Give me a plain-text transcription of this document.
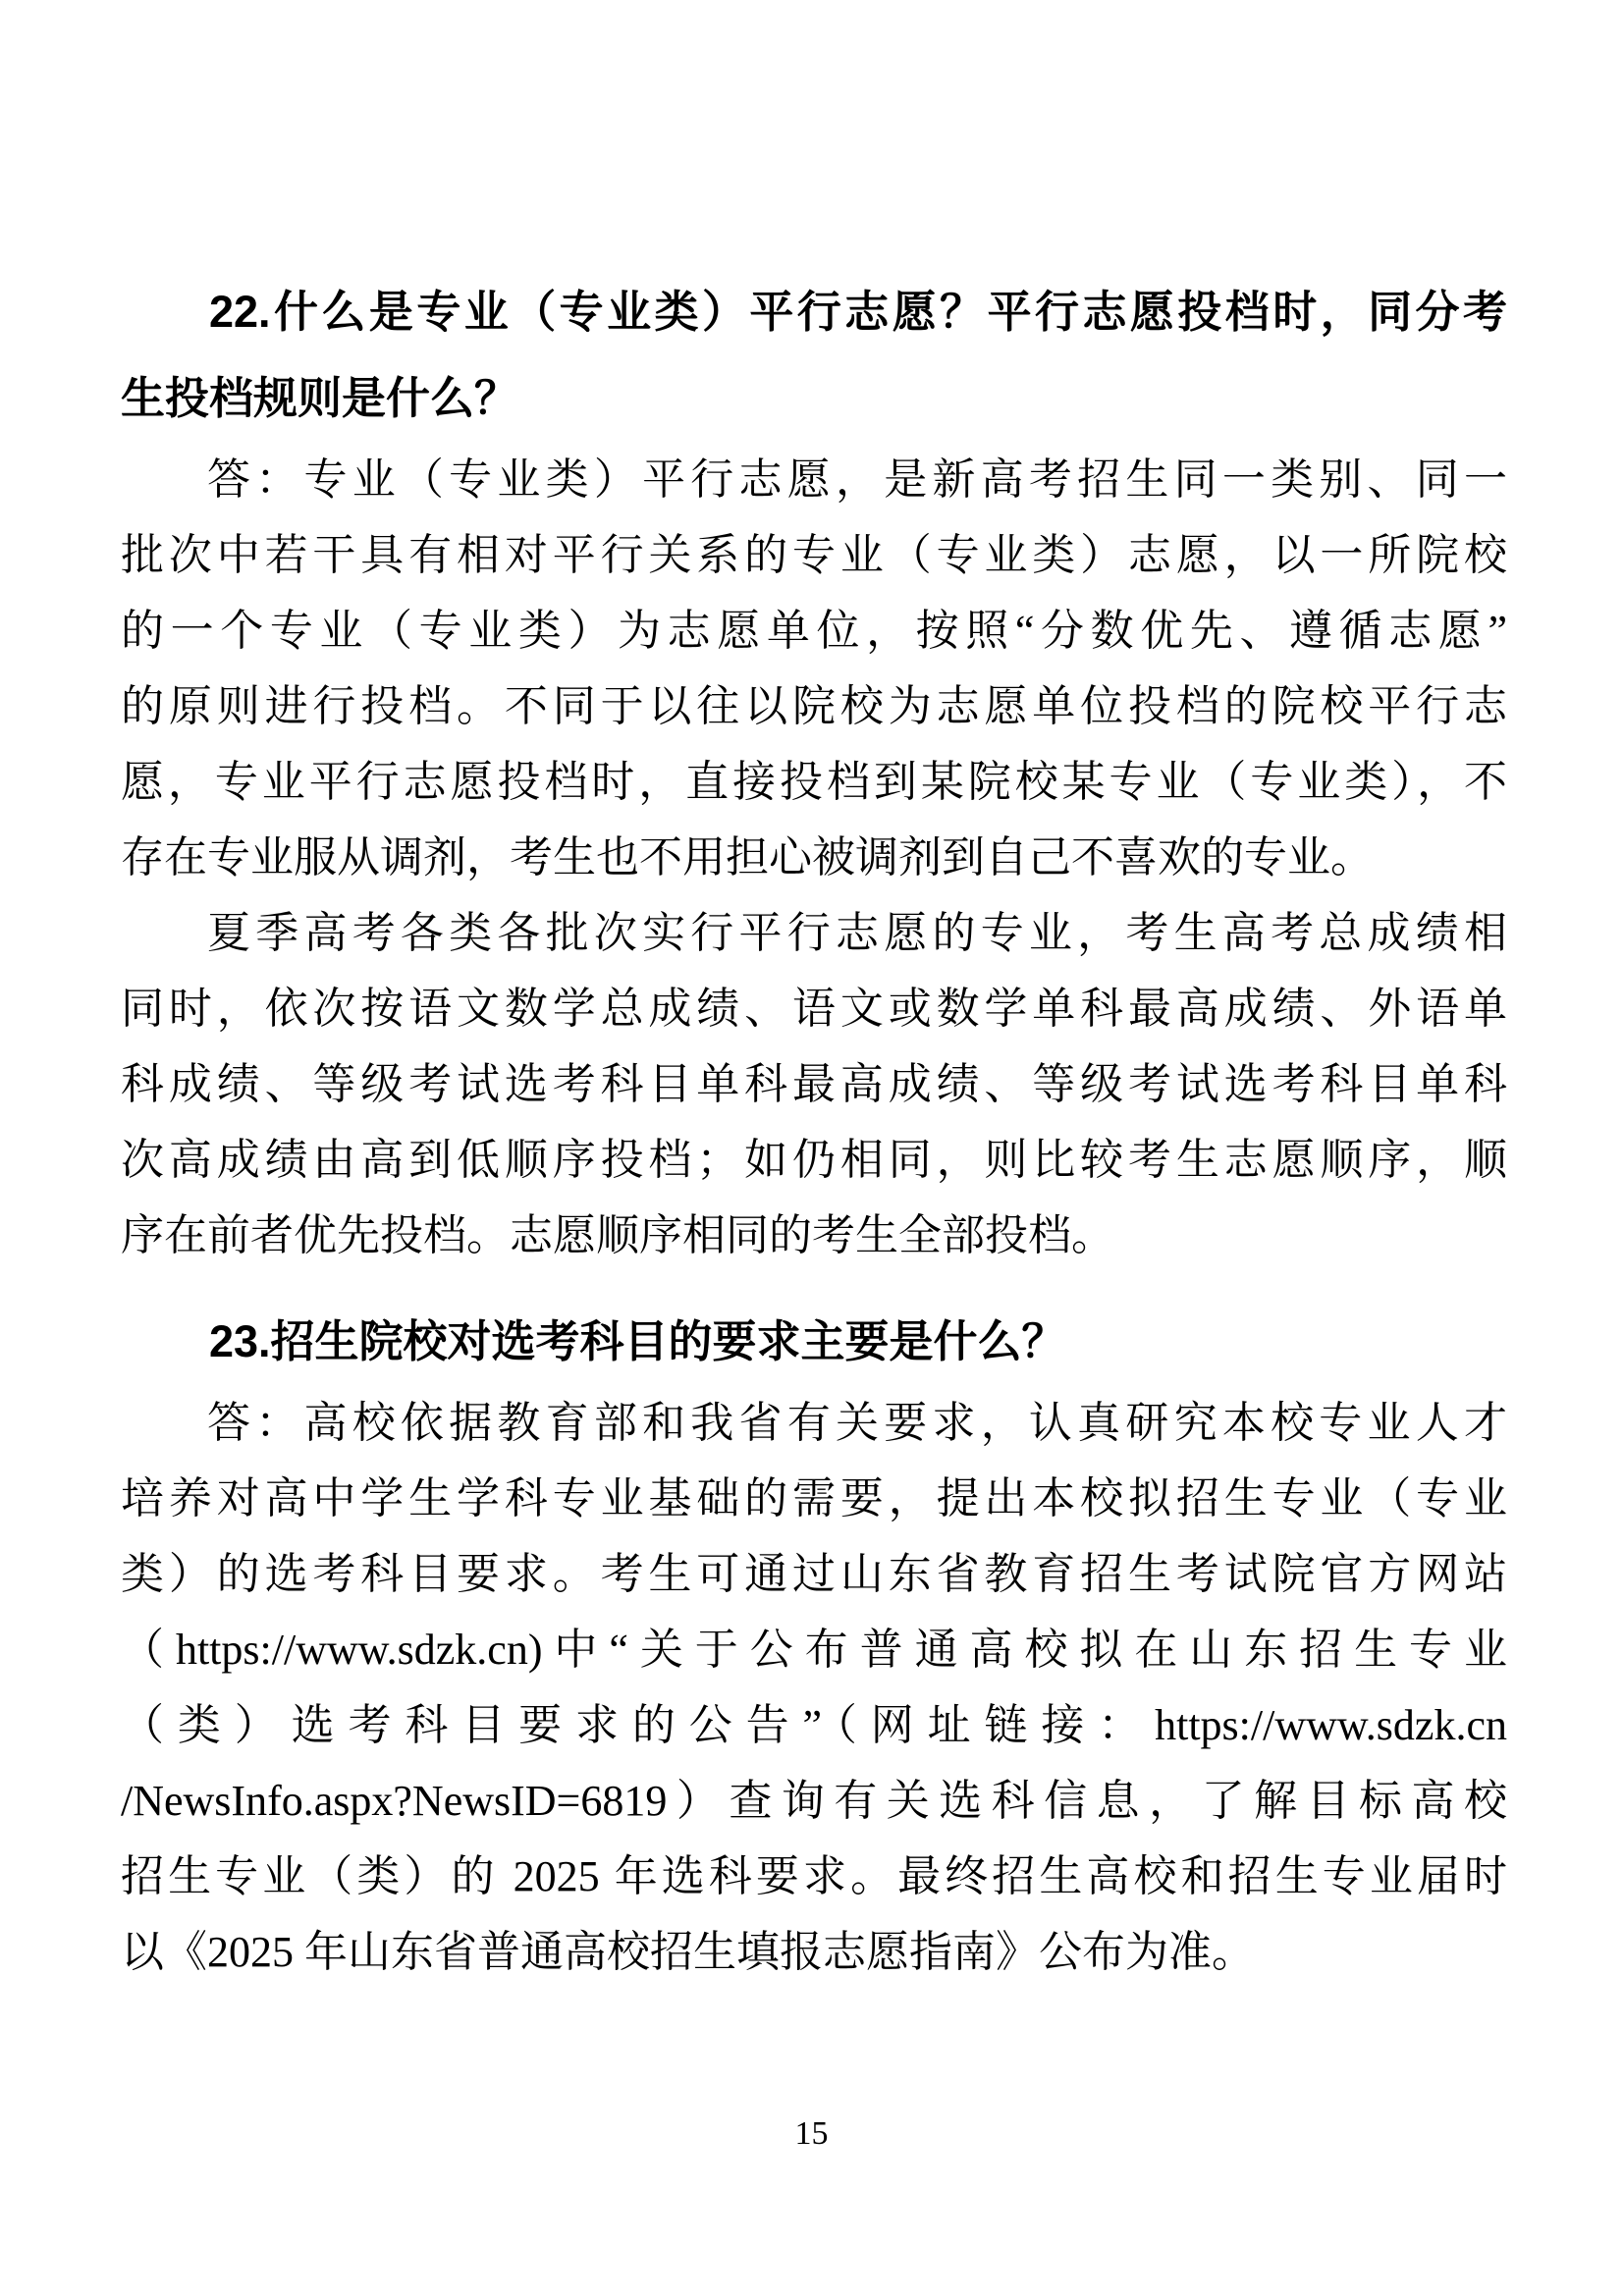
22.什么是专业（专业类）平行志愿？平行志愿投档时，同分考
生投档规则是什么？
答：专业（专业类）平行志愿，是新高考招生同一类别、同一
批次中若干具有相对平行关系的专业（专业类）志愿，以一所院校
的一个专业（专业类）为志愿单位，按照“分数优先、遵循志愿”
的原则进行投档。不同于以往以院校为志愿单位投档的院校平行志
愿，专业平行志愿投档时，直接投档到某院校某专业（专业类），不
存在专业服从调剂，考生也不用担心被调剂到自己不喜欢的专业。
夏季高考各类各批次实行平行志愿的专业，考生高考总成绩相
同时，依次按语文数学总成绩、语文或数学单科最高成绩、外语单
科成绩、等级考试选考科目单科最高成绩、等级考试选考科目单科
次高成绩由高到低顺序投档；如仍相同，则比较考生志愿顺序，顺
序在前者优先投档。志愿顺序相同的考生全部投档。
23.招生院校对选考科目的要求主要是什么？
答：高校依据教育部和我省有关要求，认真研究本校专业人才
培养对高中学生学科专业基础的需要，提出本校拟招生专业（专业
类）的选考科目要求。考生可通过山东省教育招生考试院官方网站
（https://www.sdzk.cn)中“关于公布普通高校拟在山东招生专业
（类）选考科目要求的公告”（网址链接：https://www.sdzk.cn
/NewsInfo.aspx?NewsID=6819）查询有关选科信息，了解目标高校
招生专业（类）的 2025 年选科要求。最终招生高校和招生专业届时
以《2025 年山东省普通高校招生填报志愿指南》公布为准。
15
